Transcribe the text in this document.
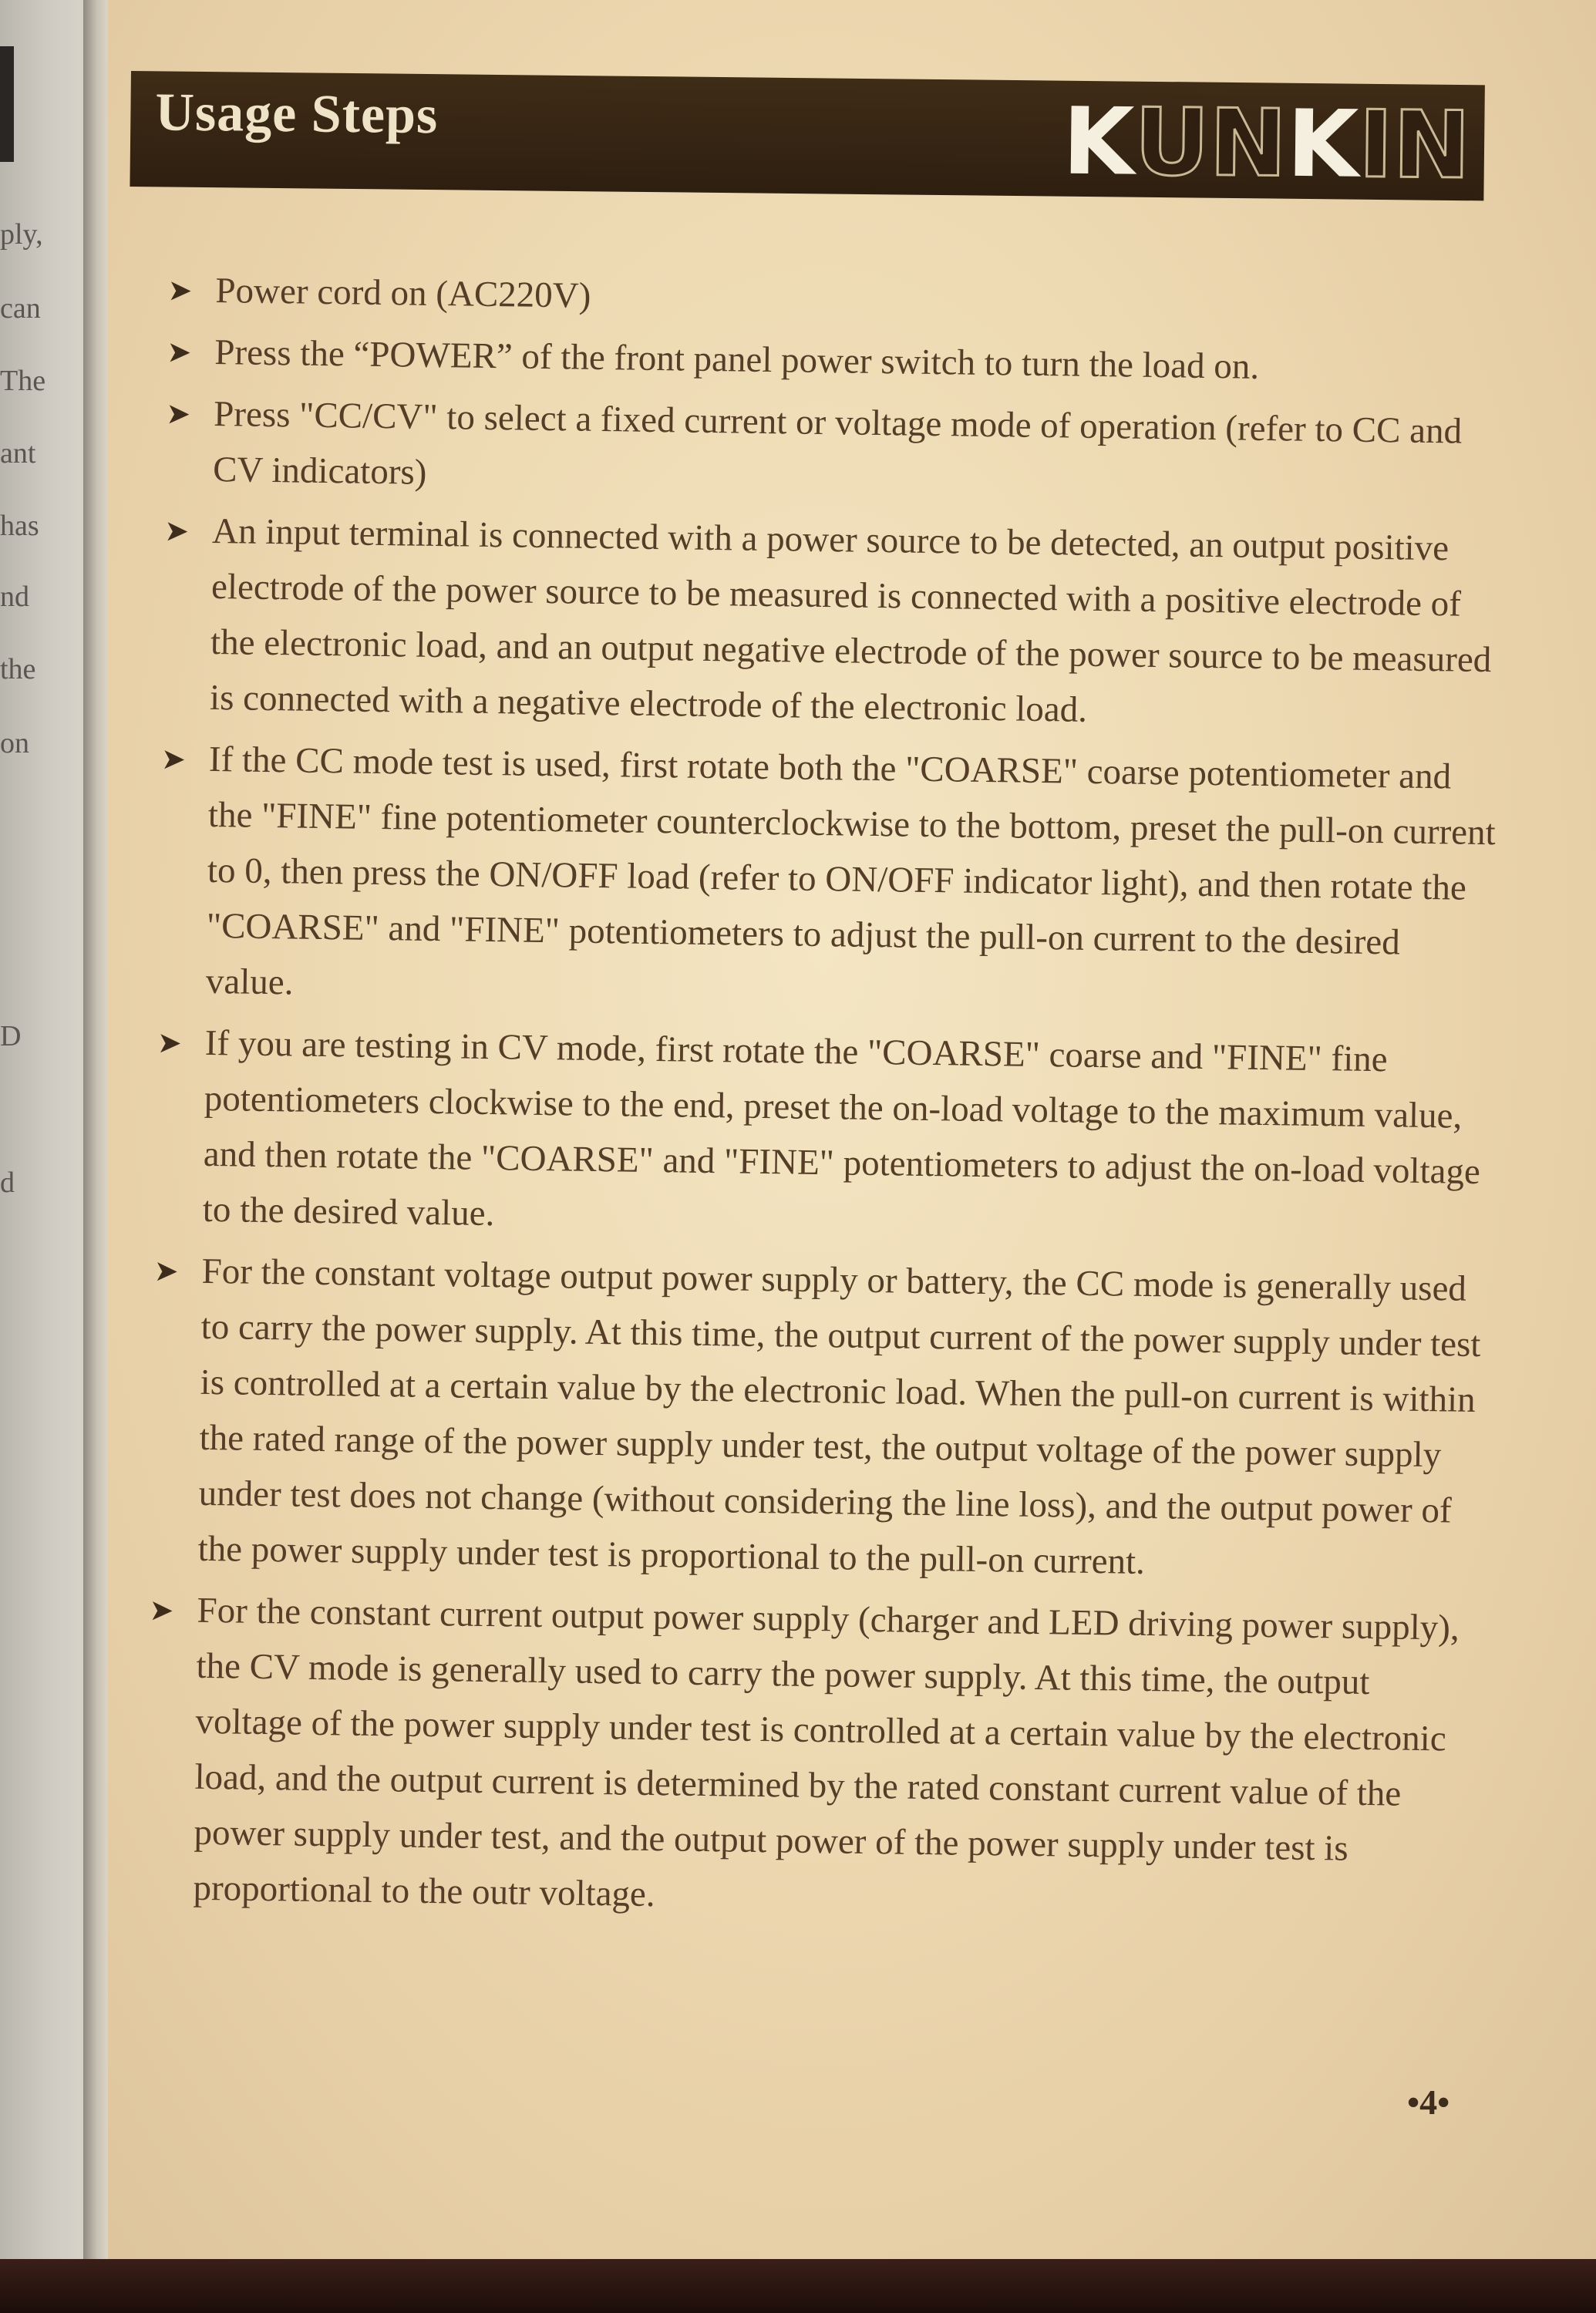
ply,
can
The
ant
has
nd
the
on
D
d
Usage Steps	K
UN
K
IN
➤ Power cord on (AC220V)
➤ Press the “POWER” of the front panel power switch to turn the load on.
➤ Press "CC/CV" to select a fixed current or voltage mode of operation (refer to CC and CV indicators)
➤ An input terminal is connected with a power source to be detected, an output positive electrode of the power source to be measured is connected with a positive electrode of the electronic load, and an output negative electrode of the power source to be measured is connected with a negative electrode of the electronic load.
➤ If the CC mode test is used, first rotate both the "COARSE" coarse potentiometer and the "FINE" fine potentiometer counterclockwise to the bottom, preset the pull-on current to 0, then press the ON/OFF load (refer to ON/OFF indicator light), and then rotate the "COARSE" and "FINE" potentiometers to adjust the pull-on current to the desired value.
➤ If you are testing in CV mode, first rotate the "COARSE" coarse and "FINE" fine potentiometers clockwise to the end, preset the on-load voltage to the maximum value, and then rotate the "COARSE" and "FINE" potentiometers to adjust the on-load voltage to the desired value.
➤ For the constant voltage output power supply or battery, the CC mode is generally used to carry the power supply. At this time, the output current of the power supply under test is controlled at a certain value by the electronic load. When the pull-on current is within the rated range of the power supply under test, the output voltage of the power supply under test does not change (without considering the line loss), and the output power of the power supply under test is proportional to the pull-on current.
➤ For the constant current output power supply (charger and LED driving power supply), the CV mode is generally used to carry the power supply. At this time, the output voltage of the power supply under test is controlled at a certain value by the electronic load, and the output current is determined by the rated constant current value of the power supply under test, and the output power of the power supply under test is proportional to the outr voltage.
•4•
